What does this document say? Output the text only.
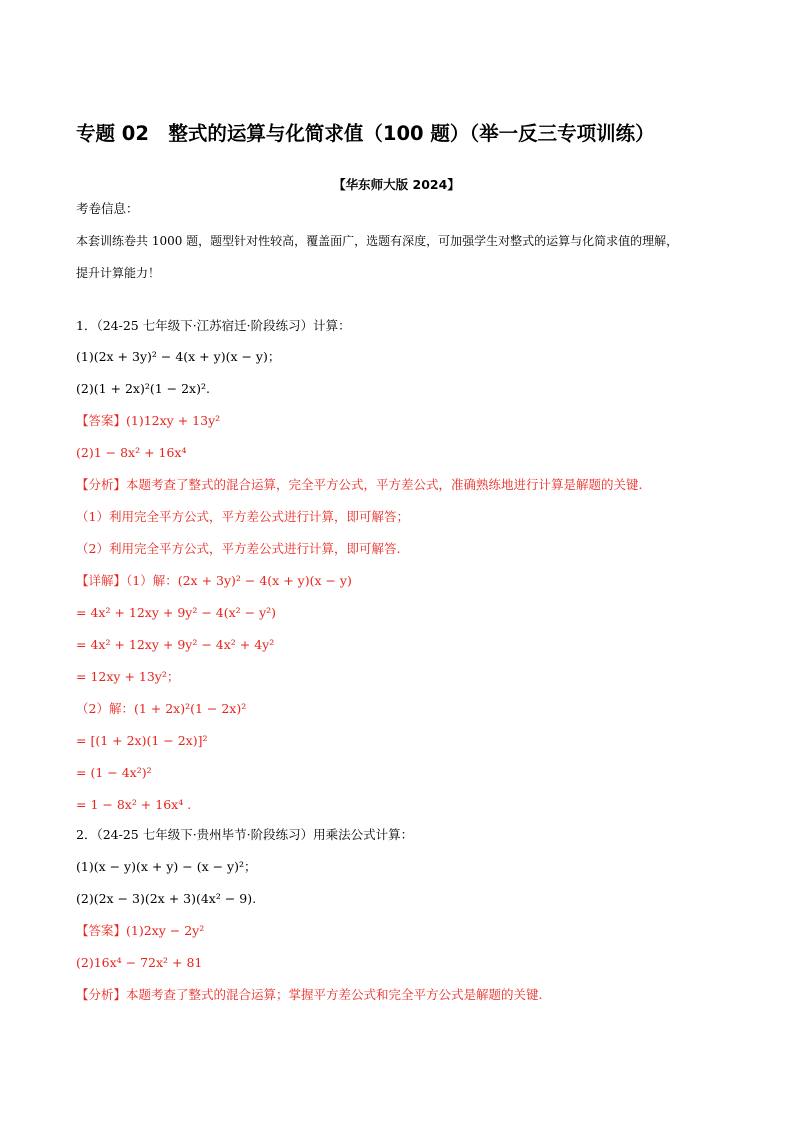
专题 02　整式的运算与化简求值（100 题）（举一反三专项训练）
【华东师大版 2024】
考卷信息：
本套训练卷共 1000 题，题型针对性较高，覆盖面广，选题有深度，可加强学生对整式的运算与化简求值的理解，
提升计算能力！
1．（24-25 七年级下·江苏宿迁·阶段练习）计算：
(1)(2x + 3y)² − 4(x + y)(x − y)；
(2)(1 + 2x)²(1 − 2x)².
【答案】(1)12xy + 13y²
(2)1 − 8x² + 16x⁴
【分析】本题考查了整式的混合运算，完全平方公式，平方差公式，准确熟练地进行计算是解题的关键.
（1）利用完全平方公式，平方差公式进行计算，即可解答；
（2）利用完全平方公式，平方差公式进行计算，即可解答.
【详解】（1）解：(2x + 3y)² − 4(x + y)(x − y)
= 4x² + 12xy + 9y² − 4(x² − y²)
= 4x² + 12xy + 9y² − 4x² + 4y²
= 12xy + 13y²；
（2）解：(1 + 2x)²(1 − 2x)²
= [(1 + 2x)(1 − 2x)]²
= (1 − 4x²)²
= 1 − 8x² + 16x⁴ .
2．（24-25 七年级下·贵州毕节·阶段练习）用乘法公式计算：
(1)(x − y)(x + y) − (x − y)²；
(2)(2x − 3)(2x + 3)(4x² − 9).
【答案】(1)2xy − 2y²
(2)16x⁴ − 72x² + 81
【分析】本题考查了整式的混合运算；掌握平方差公式和完全平方公式是解题的关键.
